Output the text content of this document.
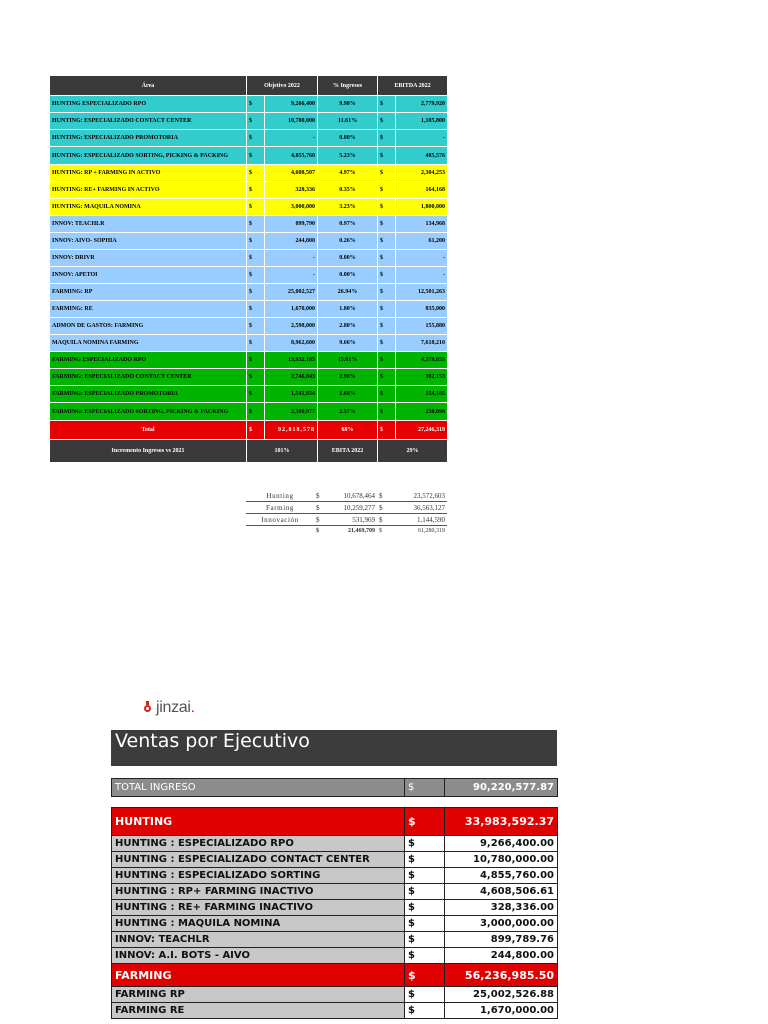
Área	Objetivo 2022		% Ingresos	EBITDA 2022	
HUNTING ESPECIALIZADO RPO	$	9,266,400	9.98%	$	2,779,920
HUNTING: ESPECIALIZADO CONTACT CENTER	$	10,780,000	11.61%	$	1,185,800
HUNTING: ESPECIALIZADO PROMOTORIA	$	-	0.00%	$	-
HUNTING: ESPECIALIZADO SORTING, PICKING & PACKING	$	4,855,760	5.23%	$	485,576
HUNTING: RP + FARMING IN ACTIVO	$	4,608,507	4.97%	$	2,304,253
HUNTING: RE+ FARMING IN ACTIVO	$	328,336	0.35%	$	164,168
HUNTING: MAQUILA NOMINA	$	3,000,000	3.23%	$	1,800,000
INNOV: TEACHLR	$	899,790	0.97%	$	134,968
INNOV: AIVO- SOPHIA	$	244,800	0.26%	$	61,200
INNOV: DRIVR	$	-	0.00%	$	-
INNOV: APETOI	$	-	0.00%	$	-
FARMING: RP	$	25,002,527	26.94%	$	12,501,263
FARMING: RE	$	1,670,000	1.80%	$	835,000
ADMON DE GASTOS: FARMING	$	2,598,000	2.80%	$	155,880
MAQUILA NOMINA FARMING	$	8,962,600	9.66%	$	7,618,210
FARMING ESPECIALIZADO RPO	$	13,932,185	15.01%	$	4,379,655
FARMING: ESPECIALIZADO CONTACT CENTER	$	2,746,843	2.96%	$	302,153
FARMING: ESPECIALIZADO PROMOTORIA	$	1,541,854	1.66%	$	154,185
FARMING: ESPECIALIZADO SORTING, PICKING & PACKING	$	2,380,977	2.57%	$	238,098
Total	$	92,818,578	68%	$	27,246,319
Incremento Ingresos vs 2021	101%		EBITA 2022	29%	
Hunting	$	10,678,464	$	23,572,603
Farming	$	10,259,277	$	36,563,127
Innovación	$	531,969	$	1,144,590
	$	21,469,709	$	61,280,319
jinzai.
Ventas por Ejecutivo

TOTAL INGRESO	$	90,220,577.87

HUNTING	$	33,983,592.37
HUNTING : ESPECIALIZADO RPO	$	9,266,400.00
HUNTING : ESPECIALIZADO CONTACT CENTER	$	10,780,000.00
HUNTING : ESPECIALIZADO SORTING	$	4,855,760.00
HUNTING : RP+ FARMING INACTIVO	$	4,608,506.61
HUNTING : RE+ FARMING INACTIVO	$	328,336.00
HUNTING : MAQUILA NOMINA	$	3,000,000.00
INNOV: TEACHLR	$	899,789.76
INNOV: A.I. BOTS - AIVO	$	244,800.00
FARMING	$	56,236,985.50
FARMING RP	$	25,002,526.88
FARMING RE	$	1,670,000.00
